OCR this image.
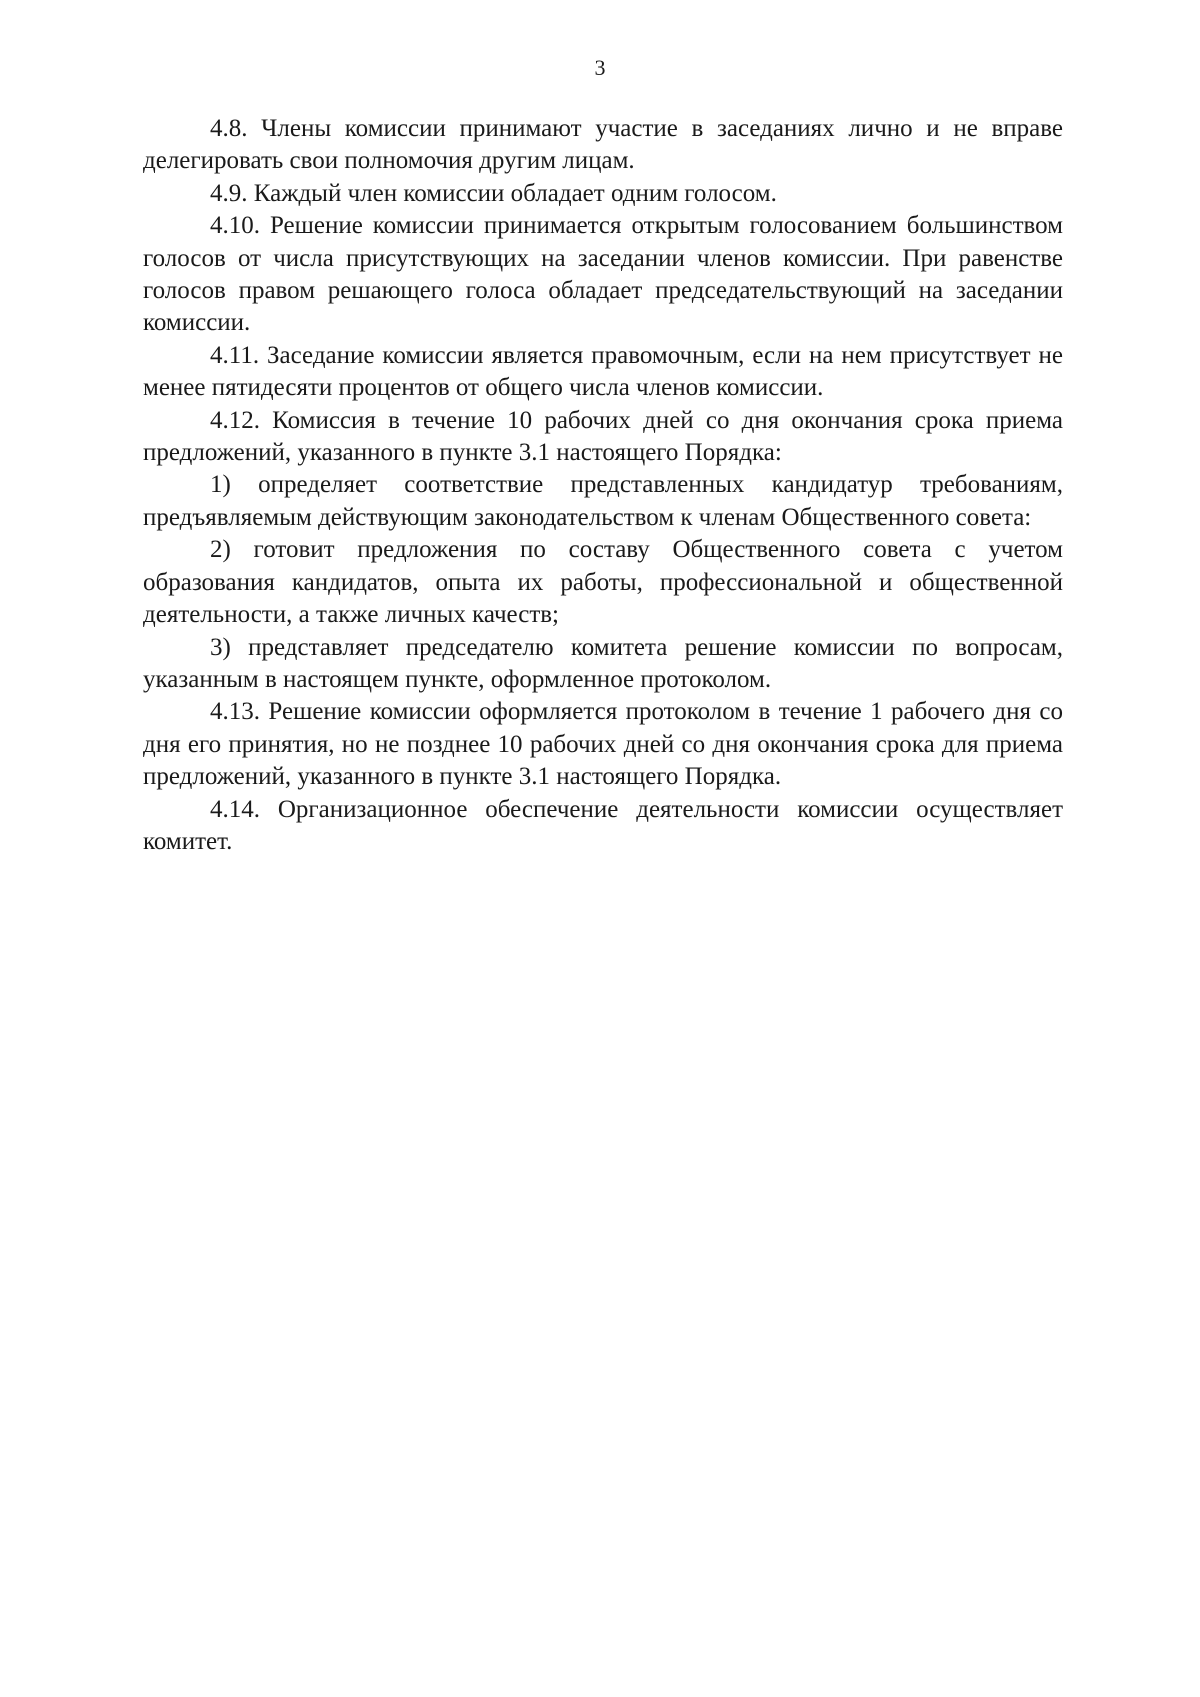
3

4.8. Члены комиссии принимают участие в заседаниях лично и не вправе делегировать свои полномочия другим лицам.

4.9. Каждый член комиссии обладает одним голосом.

4.10. Решение комиссии принимается открытым голосованием большинством голосов от числа присутствующих на заседании членов комиссии. При равенстве голосов правом решающего голоса обладает председательствующий на заседании комиссии.

4.11. Заседание комиссии является правомочным, если на нем присутствует не менее пятидесяти процентов от общего числа членов комиссии.

4.12. Комиссия в течение 10 рабочих дней со дня окончания срока приема предложений, указанного в пункте 3.1 настоящего Порядка:

1) определяет соответствие представленных кандидатур требованиям, предъявляемым действующим законодательством к членам Общественного совета:

2) готовит предложения по составу Общественного совета с учетом образования кандидатов, опыта их работы, профессиональной и общественной деятельности, а также личных качеств;

3) представляет председателю комитета решение комиссии по вопросам, указанным в настоящем пункте, оформленное протоколом.

4.13. Решение комиссии оформляется протоколом в течение 1 рабочего дня со дня его принятия, но не позднее 10 рабочих дней со дня окончания срока для приема предложений, указанного в пункте 3.1 настоящего Порядка.

4.14. Организационное обеспечение деятельности комиссии осуществляет комитет.
